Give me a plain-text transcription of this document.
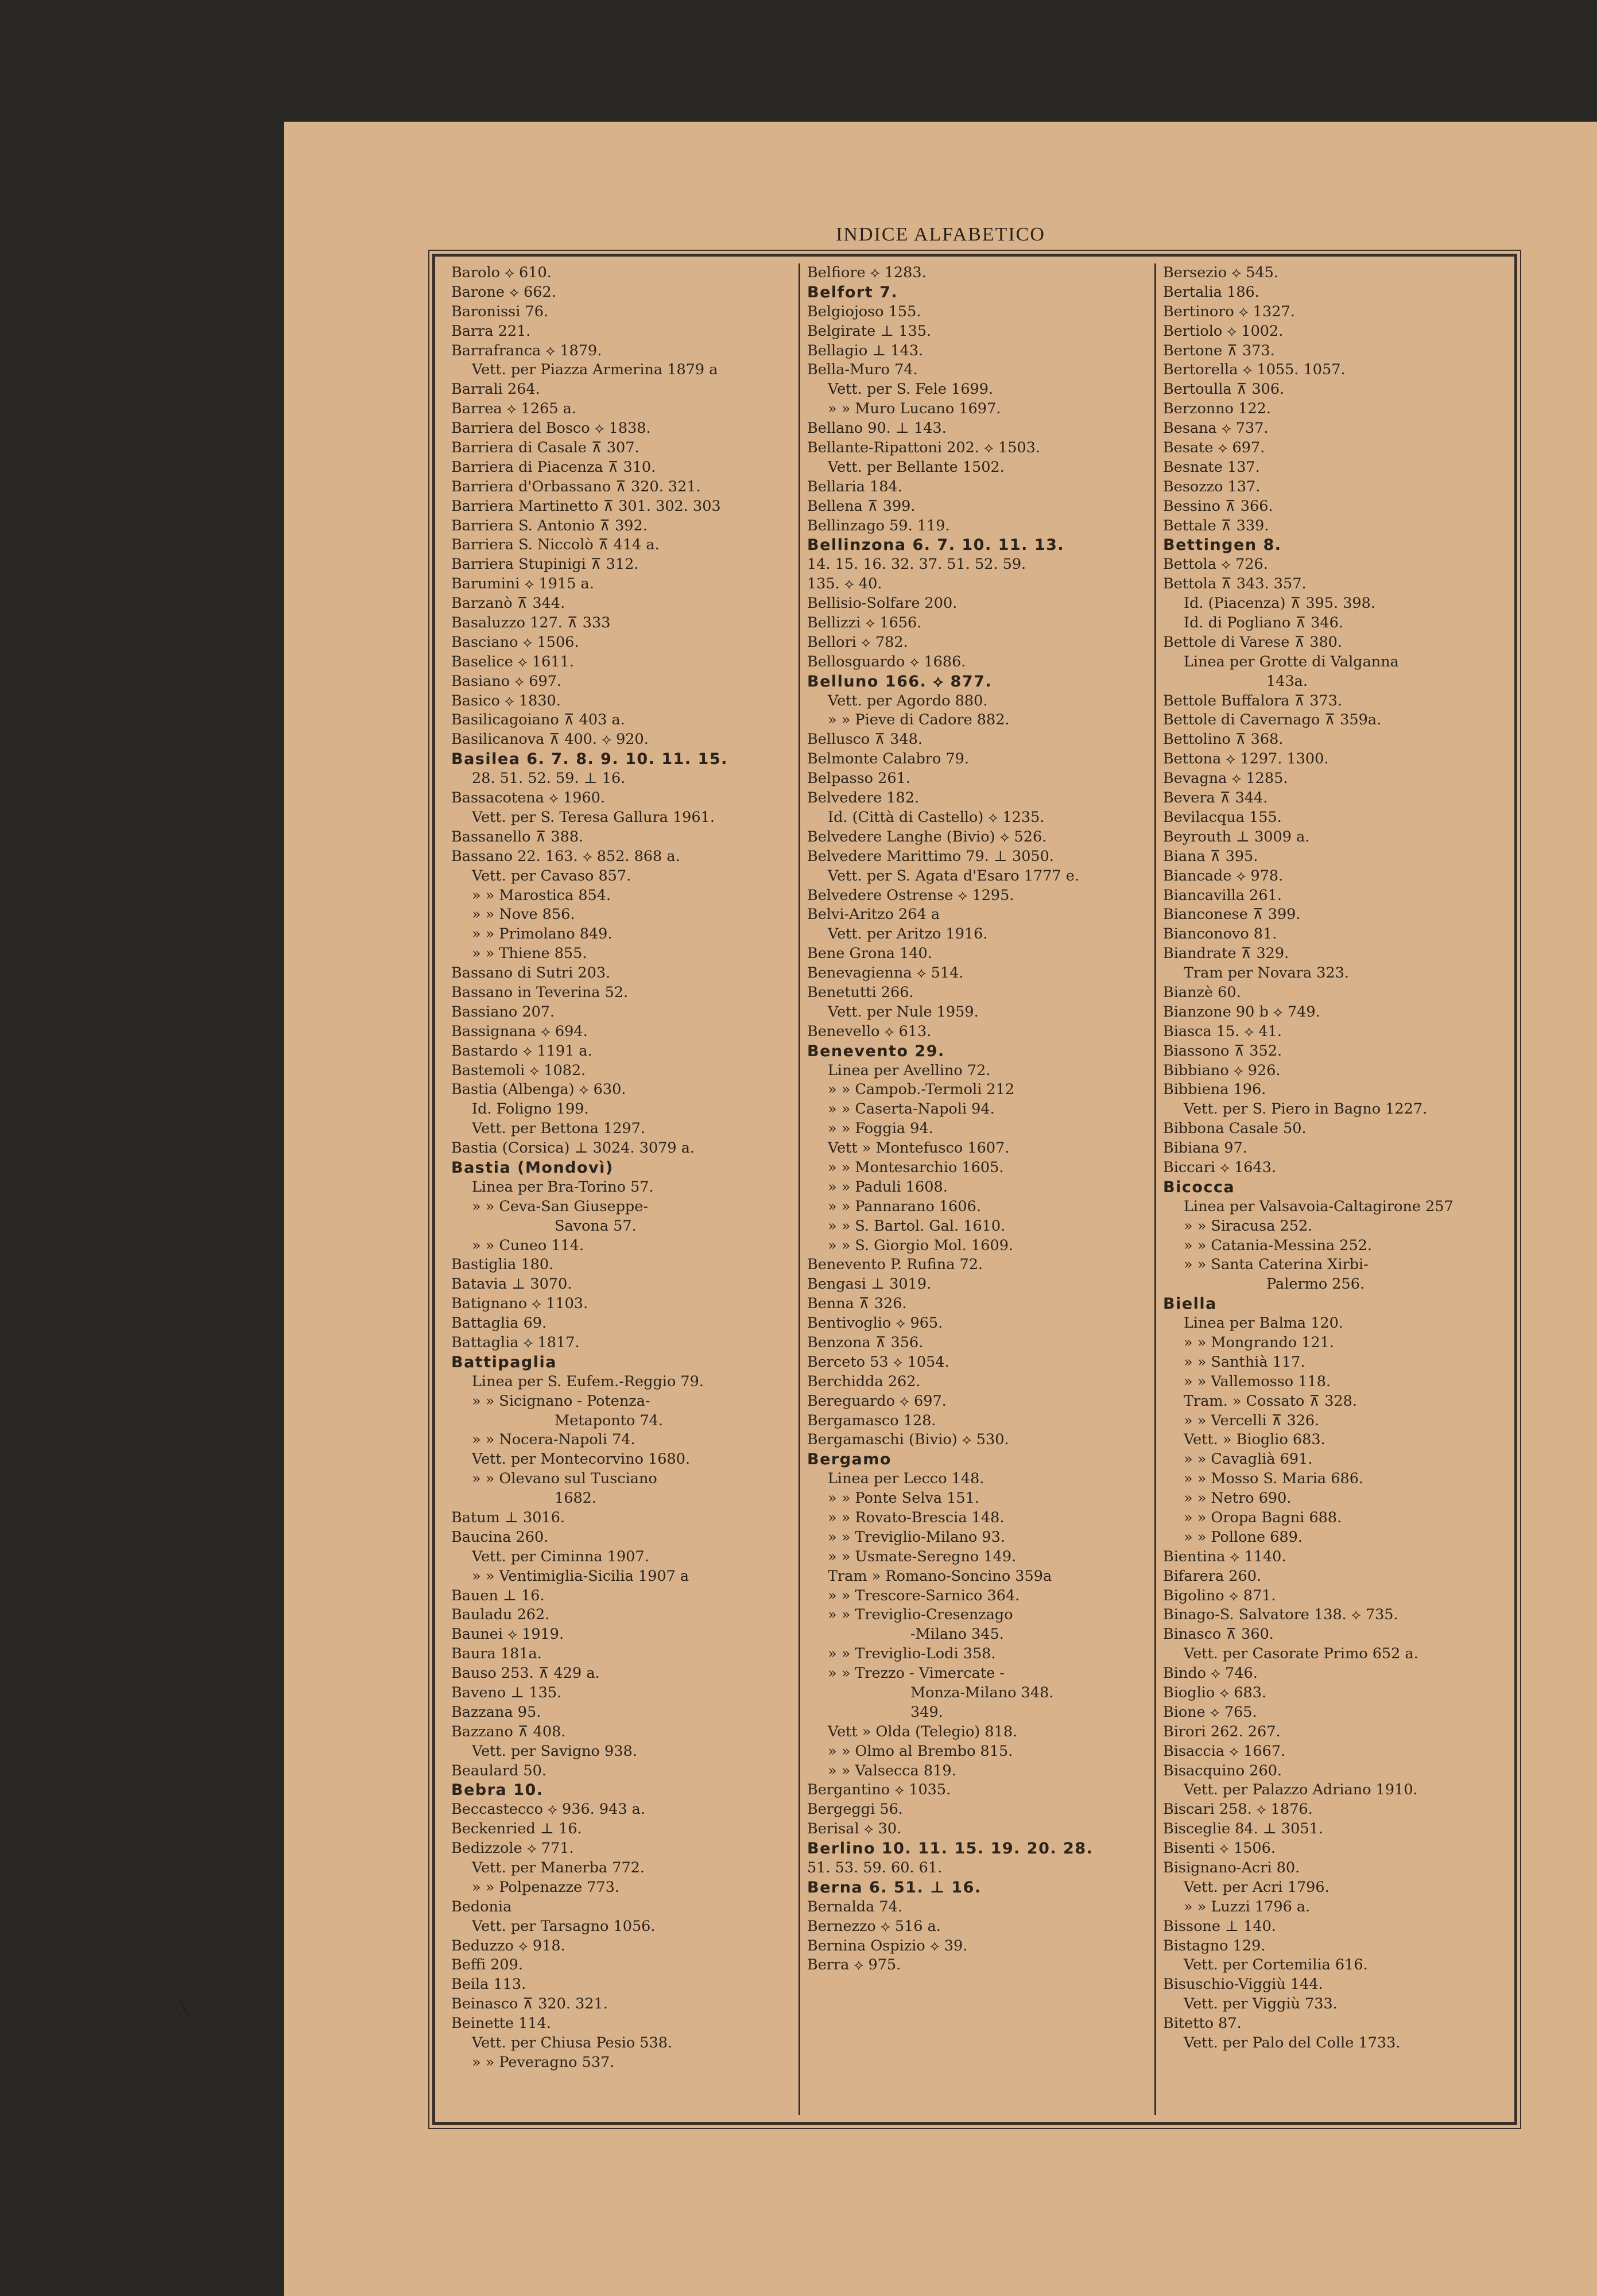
INDICE ALFABETICO
Barolo ⟡ 610.
Barone ⟡ 662.
Baronissi 76.
Barra 221.
Barrafranca ⟡ 1879.
Vett. per Piazza Armerina 1879 a
Barrali 264.
Barrea ⟡ 1265 a.
Barriera del Bosco ⟡ 1838.
Barriera di Casale ⊼ 307.
Barriera di Piacenza ⊼ 310.
Barriera d'Orbassano ⊼ 320. 321.
Barriera Martinetto ⊼ 301. 302. 303
Barriera S. Antonio ⊼ 392.
Barriera S. Niccolò ⊼ 414 a.
Barriera Stupinigi ⊼ 312.
Barumini ⟡ 1915 a.
Barzanò ⊼ 344.
Basaluzzo 127. ⊼ 333
Basciano ⟡ 1506.
Baselice ⟡ 1611.
Basiano ⟡ 697.
Basico ⟡ 1830.
Basilicagoiano ⊼ 403 a.
Basilicanova ⊼ 400. ⟡ 920.
Basilea 6. 7. 8. 9. 10. 11. 15.
28. 51. 52. 59. ⊥ 16.
Bassacotena ⟡ 1960.
Vett. per S. Teresa Gallura 1961.
Bassanello ⊼ 388.
Bassano 22. 163. ⟡ 852. 868 a.
Vett. per Cavaso 857.
» » Marostica 854.
» » Nove 856.
» » Primolano 849.
» » Thiene 855.
Bassano di Sutri 203.
Bassano in Teverina 52.
Bassiano 207.
Bassignana ⟡ 694.
Bastardo ⟡ 1191 a.
Bastemoli ⟡ 1082.
Bastia (Albenga) ⟡ 630.
Id. Foligno 199.
Vett. per Bettona 1297.
Bastia (Corsica) ⊥ 3024. 3079 a.
Bastia (Mondovì)
Linea per Bra-Torino 57.
» » Ceva-San Giuseppe-
Savona 57.
» » Cuneo 114.
Bastiglia 180.
Batavia ⊥ 3070.
Batignano ⟡ 1103.
Battaglia 69.
Battaglia ⟡ 1817.
Battipaglia
Linea per S. Eufem.-Reggio 79.
» » Sicignano - Potenza-
Metaponto 74.
» » Nocera-Napoli 74.
Vett. per Montecorvino 1680.
» » Olevano sul Tusciano
1682.
Batum ⊥ 3016.
Baucina 260.
Vett. per Ciminna 1907.
» » Ventimiglia-Sicilia 1907 a
Bauen ⊥ 16.
Bauladu 262.
Baunei ⟡ 1919.
Baura 181a.
Bauso 253. ⊼ 429 a.
Baveno ⊥ 135.
Bazzana 95.
Bazzano ⊼ 408.
Vett. per Savigno 938.
Beaulard 50.
Bebra 10.
Beccastecco ⟡ 936. 943 a.
Beckenried ⊥ 16.
Bedizzole ⟡ 771.
Vett. per Manerba 772.
» » Polpenazze 773.
Bedonia
Vett. per Tarsagno 1056.
Beduzzo ⟡ 918.
Beffi 209.
Beila 113.
Beinasco ⊼ 320. 321.
Beinette 114.
Vett. per Chiusa Pesio 538.
» » Peveragno 537.
Belfiore ⟡ 1283.
Belfort 7.
Belgiojoso 155.
Belgirate ⊥ 135.
Bellagio ⊥ 143.
Bella-Muro 74.
Vett. per S. Fele 1699.
» » Muro Lucano 1697.
Bellano 90. ⊥ 143.
Bellante-Ripattoni 202. ⟡ 1503.
Vett. per Bellante 1502.
Bellaria 184.
Bellena ⊼ 399.
Bellinzago 59. 119.
Bellinzona 6. 7. 10. 11. 13.
14. 15. 16. 32. 37. 51. 52. 59.
135. ⟡ 40.
Bellisio-Solfare 200.
Bellizzi ⟡ 1656.
Bellori ⟡ 782.
Bellosguardo ⟡ 1686.
Belluno 166. ⟡ 877.
Vett. per Agordo 880.
» » Pieve di Cadore 882.
Bellusco ⊼ 348.
Belmonte Calabro 79.
Belpasso 261.
Belvedere 182.
Id. (Città di Castello) ⟡ 1235.
Belvedere Langhe (Bivio) ⟡ 526.
Belvedere Marittimo 79. ⊥ 3050.
Vett. per S. Agata d'Esaro 1777 e.
Belvedere Ostrense ⟡ 1295.
Belvi-Aritzo 264 a
Vett. per Aritzo 1916.
Bene Grona 140.
Benevagienna ⟡ 514.
Benetutti 266.
Vett. per Nule 1959.
Benevello ⟡ 613.
Benevento 29.
Linea per Avellino 72.
» » Campob.-Termoli 212
» » Caserta-Napoli 94.
» » Foggia 94.
Vett » Montefusco 1607.
» » Montesarchio 1605.
» » Paduli 1608.
» » Pannarano 1606.
» » S. Bartol. Gal. 1610.
» » S. Giorgio Mol. 1609.
Benevento P. Rufina 72.
Bengasi ⊥ 3019.
Benna ⊼ 326.
Bentivoglio ⟡ 965.
Benzona ⊼ 356.
Berceto 53 ⟡ 1054.
Berchidda 262.
Bereguardo ⟡ 697.
Bergamasco 128.
Bergamaschi (Bivio) ⟡ 530.
Bergamo
Linea per Lecco 148.
» » Ponte Selva 151.
» » Rovato-Brescia 148.
» » Treviglio-Milano 93.
» » Usmate-Seregno 149.
Tram » Romano-Soncino 359a
» » Trescore-Sarnico 364.
» » Treviglio-Cresenzago
-Milano 345.
» » Treviglio-Lodi 358.
» » Trezzo - Vimercate -
Monza-Milano 348.
349.
Vett » Olda (Telegio) 818.
» » Olmo al Brembo 815.
» » Valsecca 819.
Bergantino ⟡ 1035.
Bergeggi 56.
Berisal ⟡ 30.
Berlino 10. 11. 15. 19. 20. 28.
51. 53. 59. 60. 61.
Berna 6. 51. ⊥ 16.
Bernalda 74.
Bernezzo ⟡ 516 a.
Bernina Ospizio ⟡ 39.
Berra ⟡ 975.
Bersezio ⟡ 545.
Bertalia 186.
Bertinoro ⟡ 1327.
Bertiolo ⟡ 1002.
Bertone ⊼ 373.
Bertorella ⟡ 1055. 1057.
Bertoulla ⊼ 306.
Berzonno 122.
Besana ⟡ 737.
Besate ⟡ 697.
Besnate 137.
Besozzo 137.
Bessino ⊼ 366.
Bettale ⊼ 339.
Bettingen 8.
Bettola ⟡ 726.
Bettola ⊼ 343. 357.
Id. (Piacenza) ⊼ 395. 398.
Id. di Pogliano ⊼ 346.
Bettole di Varese ⊼ 380.
Linea per Grotte di Valganna
143a.
Bettole Buffalora ⊼ 373.
Bettole di Cavernago ⊼ 359a.
Bettolino ⊼ 368.
Bettona ⟡ 1297. 1300.
Bevagna ⟡ 1285.
Bevera ⊼ 344.
Bevilacqua 155.
Beyrouth ⊥ 3009 a.
Biana ⊼ 395.
Biancade ⟡ 978.
Biancavilla 261.
Bianconese ⊼ 399.
Bianconovo 81.
Biandrate ⊼ 329.
Tram per Novara 323.
Bianzè 60.
Bianzone 90 b ⟡ 749.
Biasca 15. ⟡ 41.
Biassono ⊼ 352.
Bibbiano ⟡ 926.
Bibbiena 196.
Vett. per S. Piero in Bagno 1227.
Bibbona Casale 50.
Bibiana 97.
Biccari ⟡ 1643.
Bicocca
Linea per Valsavoia-Caltagirone 257
» » Siracusa 252.
» » Catania-Messina 252.
» » Santa Caterina Xirbi-
Palermo 256.
Biella
Linea per Balma 120.
» » Mongrando 121.
» » Santhià 117.
» » Vallemosso 118.
Tram. » Cossato ⊼ 328.
» » Vercelli ⊼ 326.
Vett. » Bioglio 683.
» » Cavaglià 691.
» » Mosso S. Maria 686.
» » Netro 690.
» » Oropa Bagni 688.
» » Pollone 689.
Bientina ⟡ 1140.
Bifarera 260.
Bigolino ⟡ 871.
Binago-S. Salvatore 138. ⟡ 735.
Binasco ⊼ 360.
Vett. per Casorate Primo 652 a.
Bindo ⟡ 746.
Bioglio ⟡ 683.
Bione ⟡ 765.
Birori 262. 267.
Bisaccia ⟡ 1667.
Bisacquino 260.
Vett. per Palazzo Adriano 1910.
Biscari 258. ⟡ 1876.
Bisceglie 84. ⊥ 3051.
Bisenti ⟡ 1506.
Bisignano-Acri 80.
Vett. per Acri 1796.
» » Luzzi 1796 a.
Bissone ⊥ 140.
Bistagno 129.
Vett. per Cortemilia 616.
Bisuschio-Viggiù 144.
Vett. per Viggiù 733.
Bitetto 87.
Vett. per Palo del Colle 1733.
X
